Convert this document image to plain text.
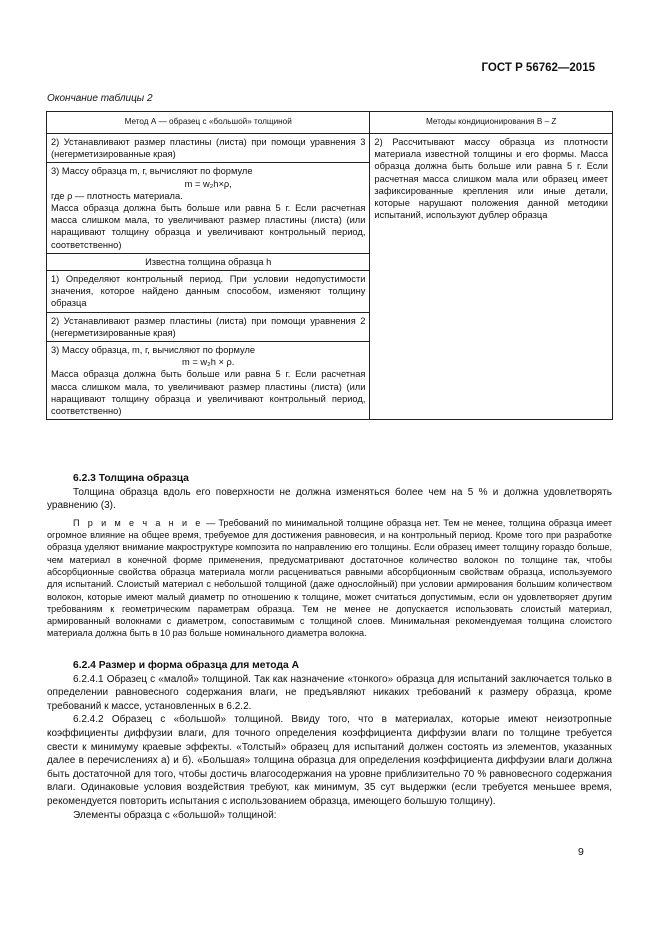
ГОСТ Р 56762—2015
Окончание таблицы 2
Метод А — образец с «большой» толщиной	Методы кондиционирования B – Z
2) Устанавливают размер пластины (листа) при помощи уравнения 3 (негерметизированные края)	2) Рассчитывают массу образца из плотности материала известной толщины и его формы. Масса образца должна быть больше или равна 5 г. Если расчетная масса слишком мала или образец имеет зафиксированные крепления или иные детали, которые нарушают положения данной методики испытаний, используют дублер образца

3) Массу образца m, г, вычисляют по формуле
m = w₂h×ρ,
где ρ — плотность материала.
Масса образца должна быть больше или равна 5 г. Если расчетная масса слишком мала, то увеличивают размер пластины (листа) (или наращивают толщину образца и увеличивают контрольный период, соответственно)	

Известна толщина образца h	
1) Определяют контрольный период. При условии недопустимости значения, которое найдено данным способом, изменяют толщину образца	
2) Устанавливают размер пластины (листа) при помощи уравнения 2 (негерметизированные края)	

3) Массу образца, m, г, вычисляют по формуле
m = w₂h × ρ.
Масса образца должна быть больше или равна 5 г. Если расчетная масса слишком мала, то увеличивают размер пластины (листа) (или наращивают толщину образца и увеличивают контрольный период, соответственно)	

6.2.3 Толщина образца

Толщина образца вдоль его поверхности не должна изменяться более чем на 5 % и должна удовлетворять уравнению (3).

П р и м е ч а н и е — Требований по минимальной толщине образца нет. Тем не менее, толщина образца имеет огромное влияние на общее время, требуемое для достижения равновесия, и на контрольный период. Кроме того при разработке образца уделяют внимание макроструктуре композита по направлению его толщины. Если образец имеет толщину гораздо больше, чем материал в конечной форме применения, предусматривают достаточное количество волокон по толщине так, чтобы абсорбционные свойства образца материала могли расцениваться равными абсорбционным свойствам образца, используемого для испытаний. Слоистый материал с небольшой толщиной (даже однослойный) при условии армирования большим количеством волокон, которые имеют малый диаметр по отношению к толщине, может считаться допустимым, если он удовлетворяет другим требованиям к геометрическим параметрам образца. Тем не менее не допускается использовать слоистый материал, армированный волокнами с диаметром, сопоставимым с толщиной слоев. Минимальная рекомендуемая толщина слоистого материала должна быть в 10 раз больше номинального диаметра волокна.

6.2.4 Размер и форма образца для метода А

6.2.4.1 Образец с «малой» толщиной. Так как назначение «тонкого» образца для испытаний заключается только в определении равновесного содержания влаги, не предъявляют никаких требований к размеру образца, кроме требований к массе, установленных в 6.2.2.

6.2.4.2 Образец с «большой» толщиной. Ввиду того, что в материалах, которые имеют неизотропные коэффициенты диффузии влаги, для точного определения коэффициента диффузии влаги по толщине требуется свести к минимуму краевые эффекты. «Толстый» образец для испытаний должен состоять из элементов, указанных далее в перечислениях а) и б). «Большая» толщина образца для определения коэффициента диффузии влаги должна быть достаточной для того, чтобы достичь влагосодержания на уровне приблизительно 70 % равновесного содержания влаги. Одинаковые условия воздействия требуют, как минимум, 35 сут выдержки (если требуется меньшее время, рекомендуется повторить испытания с использованием образца, имеющего большую толщину).

Элементы образца с «большой» толщиной:

9
